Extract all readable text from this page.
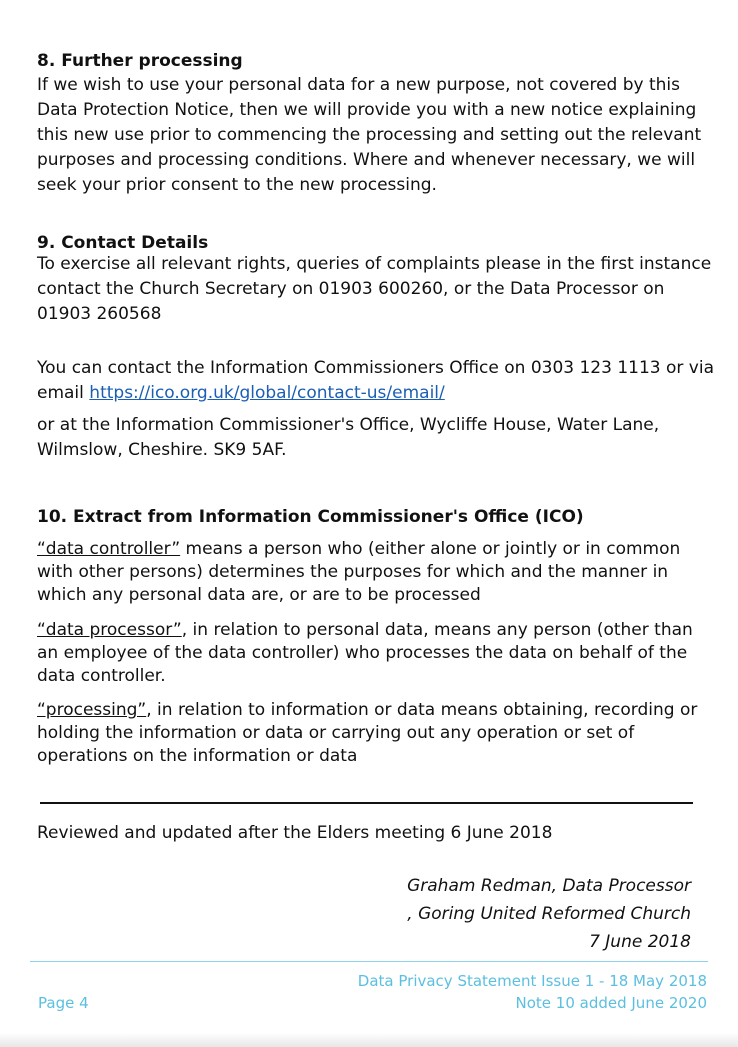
8. Further processing
If we wish to use your personal data for a new purpose, not covered by this
Data Protection Notice, then we will provide you with a new notice explaining
this new use prior to commencing the processing and setting out the relevant
purposes and processing conditions. Where and whenever necessary, we will
seek your prior consent to the new processing.
9. Contact Details
To exercise all relevant rights, queries of complaints please in the first instance
contact the Church Secretary on 01903 600260, or the Data Processor on
01903 260568
You can contact the Information Commissioners Office on 0303 123 1113 or via
email https://ico.org.uk/global/contact-us/email/
or at the Information Commissioner's Office, Wycliffe House, Water Lane,
Wilmslow, Cheshire. SK9 5AF.
10. Extract from Information Commissioner's Office (ICO)
“data controller” means a person who (either alone or jointly or in common
with other persons) determines the purposes for which and the manner in
which any personal data are, or are to be processed
“data processor”, in relation to personal data, means any person (other than
an employee of the data controller) who processes the data on behalf of the
data controller.
“processing”, in relation to information or data means obtaining, recording or
holding the information or data or carrying out any operation or set of
operations on the information or data
Reviewed and updated after the Elders meeting 6 June 2018
Graham Redman, Data Processor
, Goring United Reformed Church
7 June 2018
Page 4
Data Privacy Statement Issue 1 - 18 May 2018
Note 10 added June 2020
